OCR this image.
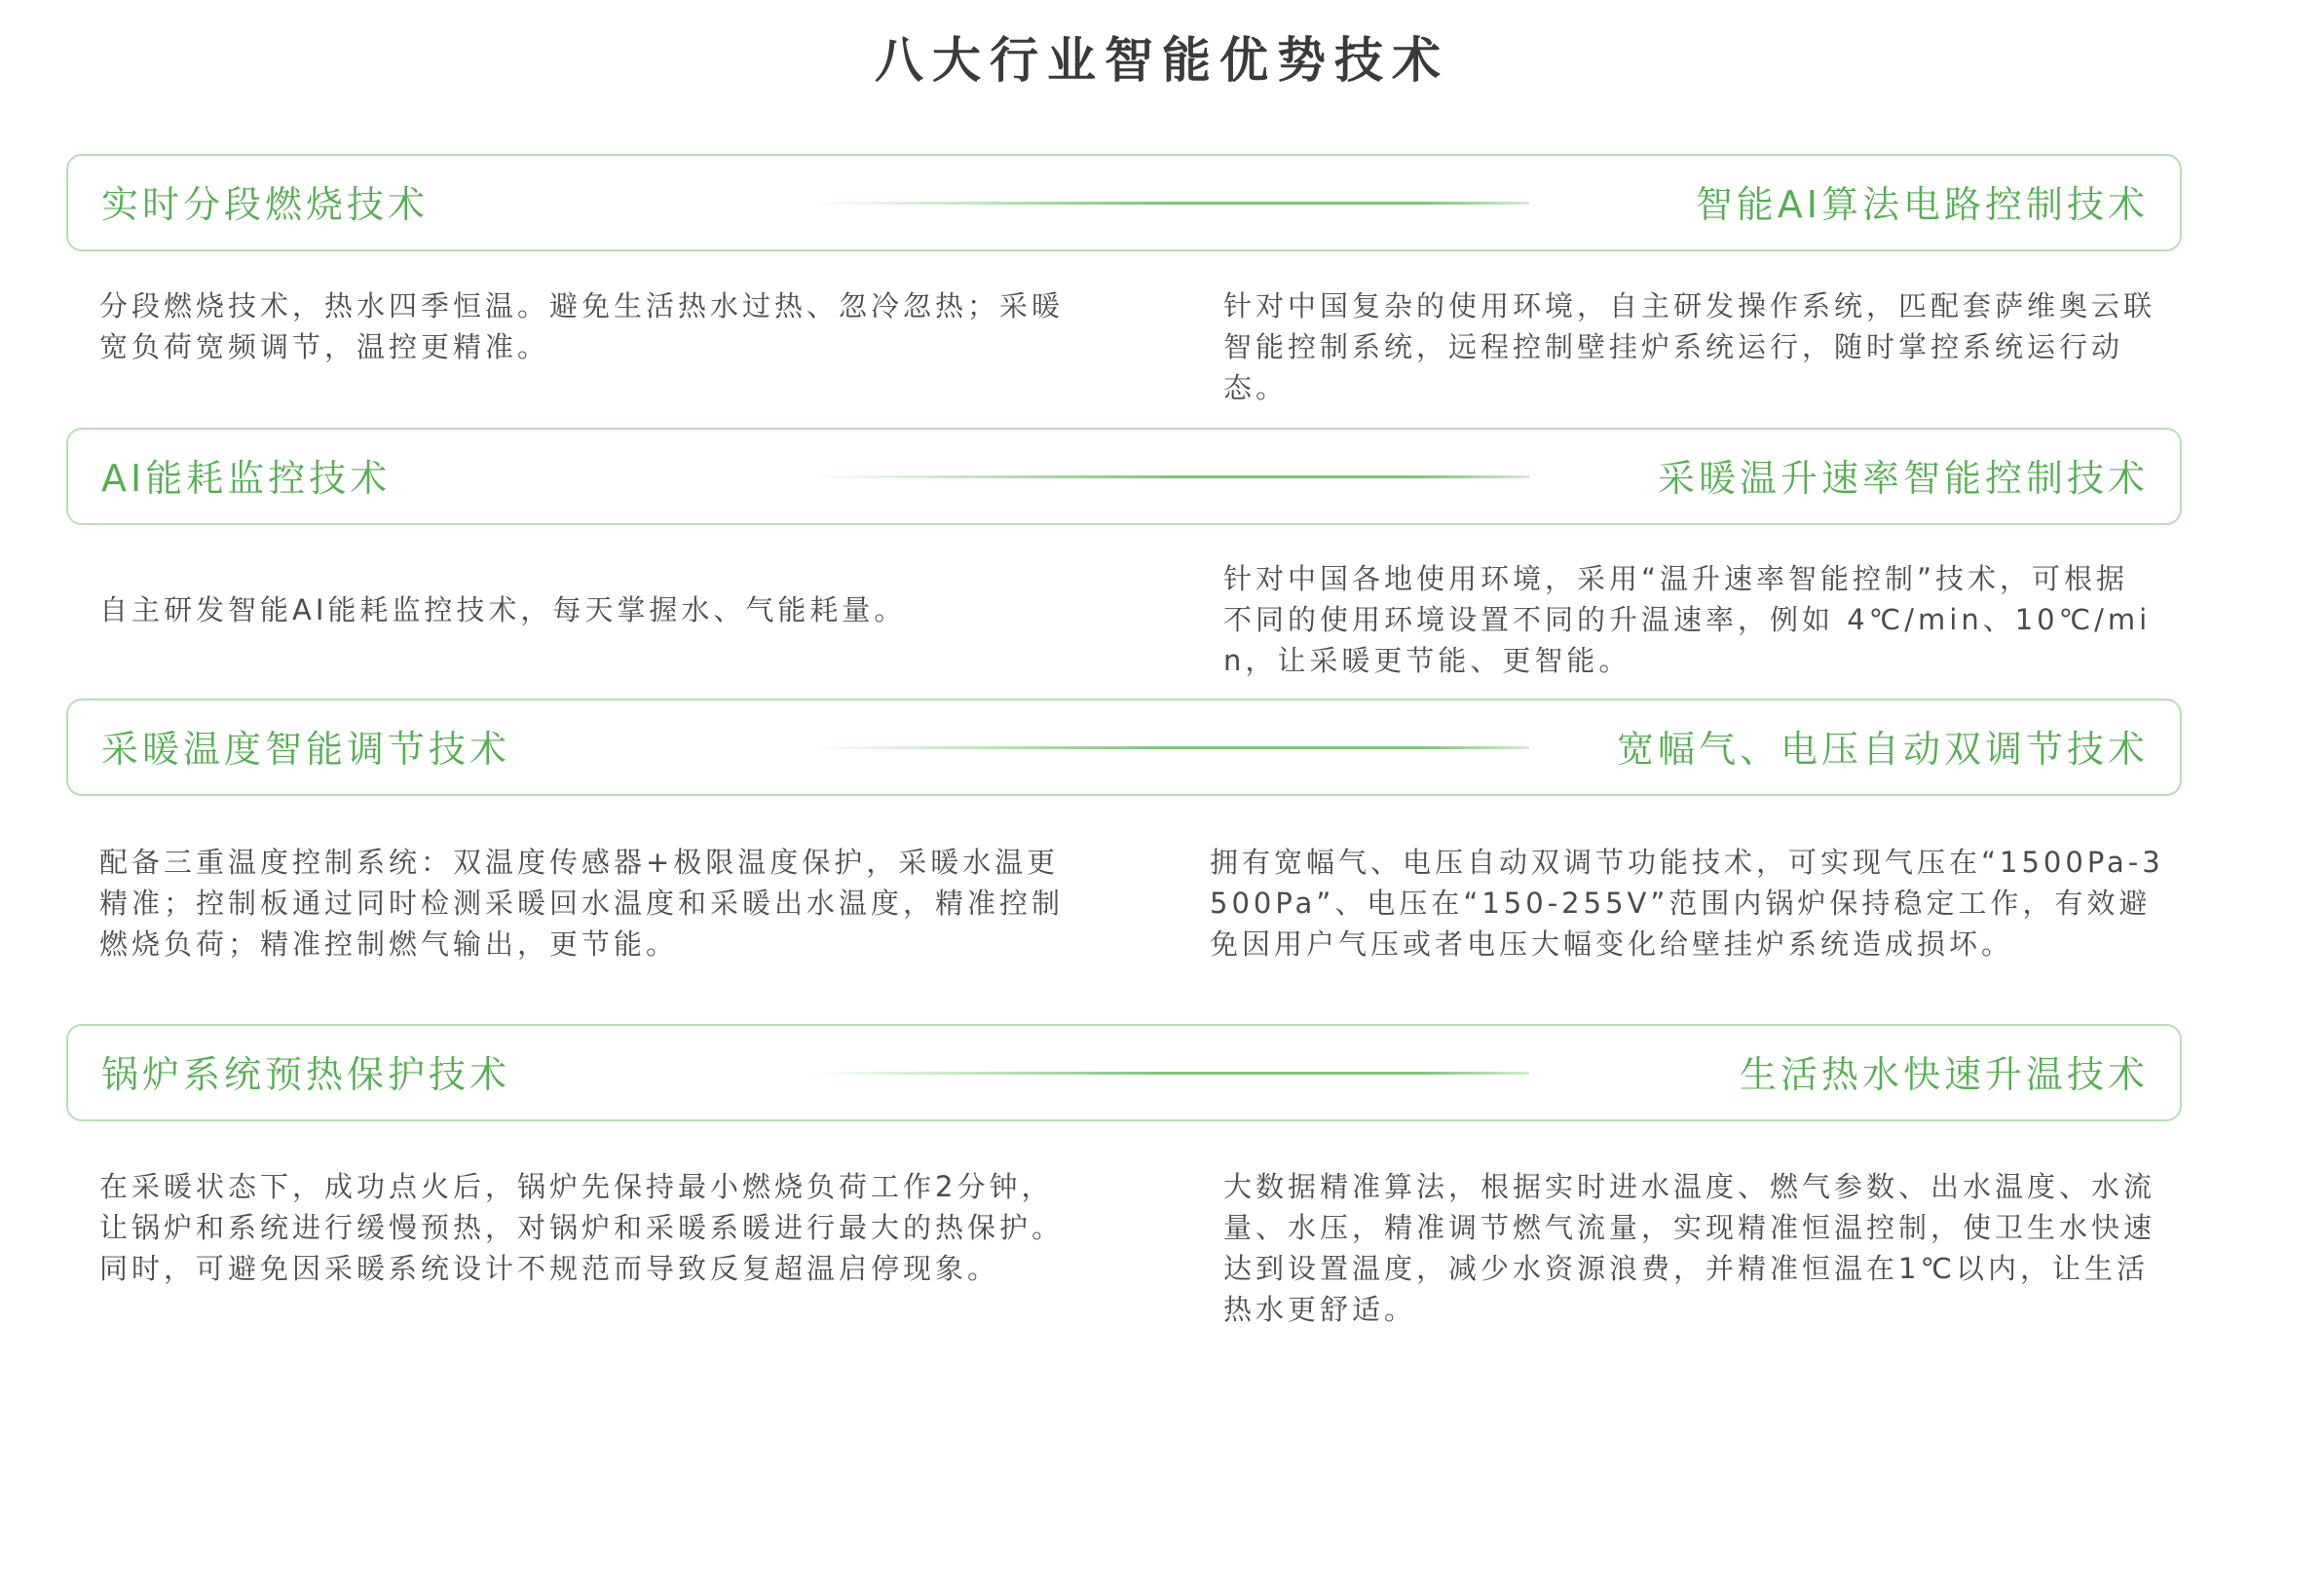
八大行业智能优势技术
实时分段燃烧技术	智能AI算法电路控制技术
分段燃烧技术，热水四季恒温。避免生活热水过热、忽冷忽热；采暖宽负荷宽频调节，温控更精准。
针对中国复杂的使用环境，自主研发操作系统，匹配套萨维奥云联智能控制系统，远程控制壁挂炉系统运行，随时掌控系统运行动态。
AI能耗监控技术	采暖温升速率智能控制技术
自主研发智能AI能耗监控技术，每天掌握水、气能耗量。
针对中国各地使用环境，采用“温升速率智能控制”技术，可根据不同的使用环境设置不同的升温速率，例如 4℃/min、10℃/min，让采暖更节能、更智能。
采暖温度智能调节技术	宽幅气、电压自动双调节技术
配备三重温度控制系统：双温度传感器+极限温度保护，采暖水温更精准；控制板通过同时检测采暖回水温度和采暖出水温度，精准控制燃烧负荷；精准控制燃气输出，更节能。
拥有宽幅气、电压自动双调节功能技术，可实现气压在“1500Pa-3500Pa”、电压在“150-255V”范围内锅炉保持稳定工作，有效避免因用户气压或者电压大幅变化给壁挂炉系统造成损坏。
锅炉系统预热保护技术	生活热水快速升温技术
在采暖状态下，成功点火后，锅炉先保持最小燃烧负荷工作2分钟，让锅炉和系统进行缓慢预热，对锅炉和采暖系暖进行最大的热保护。同时，可避免因采暖系统设计不规范而导致反复超温启停现象。
大数据精准算法，根据实时进水温度、燃气参数、出水温度、水流量、水压，精准调节燃气流量，实现精准恒温控制，使卫生水快速达到设置温度，减少水资源浪费，并精准恒温在1℃以内，让生活热水更舒适。
